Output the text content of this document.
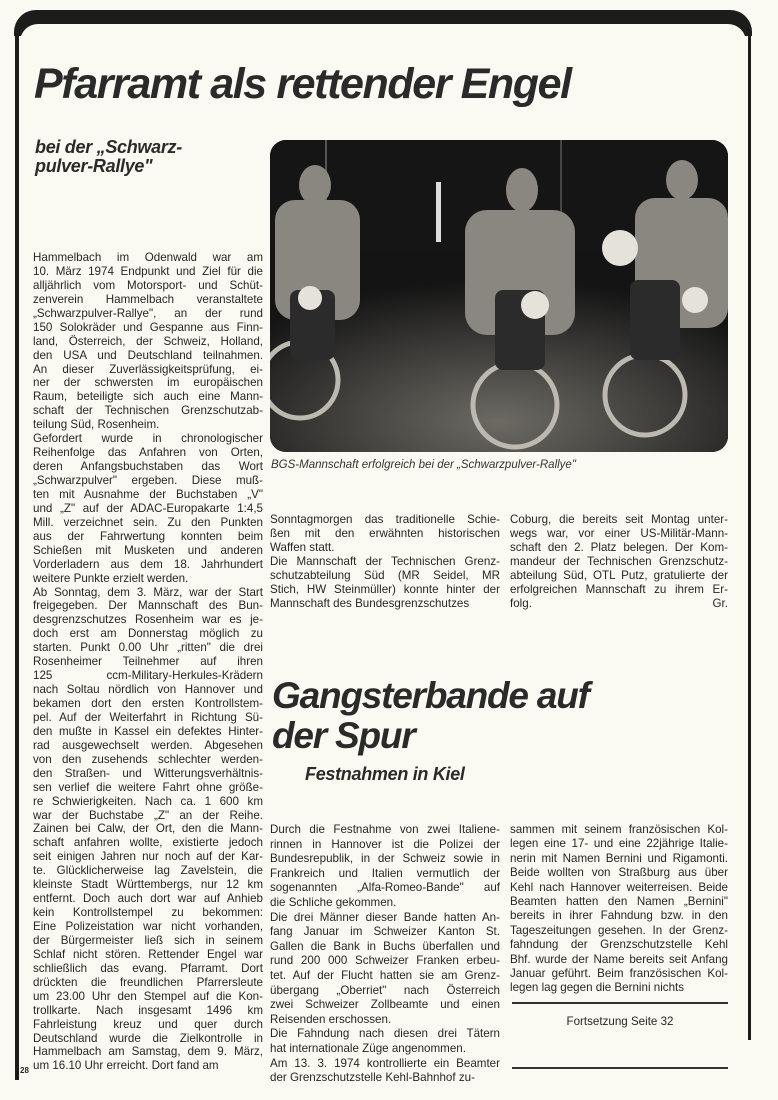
Pfarramt als rettender Engel
bei der „Schwarz-
pulver-Rallye"
BGS-Mannschaft erfolgreich bei der „Schwarzpulver-Rallye"
Hammelbach im Odenwald war am
10. März 1974 Endpunkt und Ziel für die
alljährlich vom Motorsport- und Schüt-
zenverein Hammelbach veranstaltete
„Schwarzpulver-Rallye", an der rund
150 Solokräder und Gespanne aus Finn-
land, Österreich, der Schweiz, Holland,
den USA und Deutschland teilnahmen.
An dieser Zuverlässigkeitsprüfung, ei-
ner der schwersten im europäischen
Raum, beteiligte sich auch eine Mann-
schaft der Technischen Grenzschutzab-
teilung Süd, Rosenheim.
Gefordert wurde in chronologischer
Reihenfolge das Anfahren von Orten,
deren Anfangsbuchstaben das Wort
„Schwarzpulver" ergeben. Diese muß-
ten mit Ausnahme der Buchstaben „V"
und „Z" auf der ADAC-Europakarte 1:4,5
Mill. verzeichnet sein. Zu den Punkten
aus der Fahrwertung konnten beim
Schießen mit Musketen und anderen
Vorderladern aus dem 18. Jahrhundert
weitere Punkte erzielt werden.
Ab Sonntag, dem 3. März, war der Start
freigegeben. Der Mannschaft des Bun-
desgrenzschutzes Rosenheim war es je-
doch erst am Donnerstag möglich zu
starten. Punkt 0.00 Uhr „ritten" die drei
Rosenheimer Teilnehmer auf ihren
125 ccm-Military-Herkules-Krädern
nach Soltau nördlich von Hannover und
bekamen dort den ersten Kontrollstem-
pel. Auf der Weiterfahrt in Richtung Sü-
den mußte in Kassel ein defektes Hinter-
rad ausgewechselt werden. Abgesehen
von den zusehends schlechter werden-
den Straßen- und Witterungsverhältnis-
sen verlief die weitere Fahrt ohne größe-
re Schwierigkeiten. Nach ca. 1 600 km
war der Buchstabe „Z" an der Reihe.
Zainen bei Calw, der Ort, den die Mann-
schaft anfahren wollte, existierte jedoch
seit einigen Jahren nur noch auf der Kar-
te. Glücklicherweise lag Zavelstein, die
kleinste Stadt Württembergs, nur 12 km
entfernt. Doch auch dort war auf Anhieb
kein Kontrollstempel zu bekommen:
Eine Polizeistation war nicht vorhanden,
der Bürgermeister ließ sich in seinem
Schlaf nicht stören. Rettender Engel war
schließlich das evang. Pfarramt. Dort
drückten die freundlichen Pfarrersleute
um 23.00 Uhr den Stempel auf die Kon-
trollkarte. Nach insgesamt 1496 km
Fahrleistung kreuz und quer durch
Deutschland wurde die Zielkontrolle in
Hammelbach am Samstag, dem 9. März,
um 16.10 Uhr erreicht. Dort fand am
Sonntagmorgen das traditionelle Schie-
ßen mit den erwähnten historischen
Waffen statt.
Die Mannschaft der Technischen Grenz-
schutzabteilung Süd (MR Seidel, MR
Stich, HW Steinmüller) konnte hinter der
Mannschaft des Bundesgrenzschutzes
Coburg, die bereits seit Montag unter-
wegs war, vor einer US-Militär-Mann-
schaft den 2. Platz belegen. Der Kom-
mandeur der Technischen Grenzschutz-
abteilung Süd, OTL Putz, gratulierte der
erfolgreichen Mannschaft zu ihrem Er-
folg.	Gr.
Gangsterbande auf
der Spur
Festnahmen in Kiel
Durch die Festnahme von zwei Italiene-
rinnen in Hannover ist die Polizei der
Bundesrepublik, in der Schweiz sowie in
Frankreich und Italien vermutlich der
sogenannten „Alfa-Romeo-Bande" auf
die Schliche gekommen.
Die drei Männer dieser Bande hatten An-
fang Januar im Schweizer Kanton St.
Gallen die Bank in Buchs überfallen und
rund 200 000 Schweizer Franken erbeu-
tet. Auf der Flucht hatten sie am Grenz-
übergang „Oberriet" nach Österreich
zwei Schweizer Zollbeamte und einen
Reisenden erschossen.
Die Fahndung nach diesen drei Tätern
hat internationale Züge angenommen.
Am 13. 3. 1974 kontrollierte ein Beamter
der Grenzschutzstelle Kehl-Bahnhof zu-
sammen mit seinem französischen Kol-
legen eine 17- und eine 22jährige Italie-
nerin mit Namen Bernini und Rigamonti.
Beide wollten von Straßburg aus über
Kehl nach Hannover weiterreisen. Beide
Beamten hatten den Namen „Bernini"
bereits in ihrer Fahndung bzw. in den
Tageszeitungen gesehen. In der Grenz-
fahndung der Grenzschutzstelle Kehl
Bhf. wurde der Name bereits seit Anfang
Januar geführt. Beim französischen Kol-
legen lag gegen die Bernini nichts
Fortsetzung Seite 32
28
